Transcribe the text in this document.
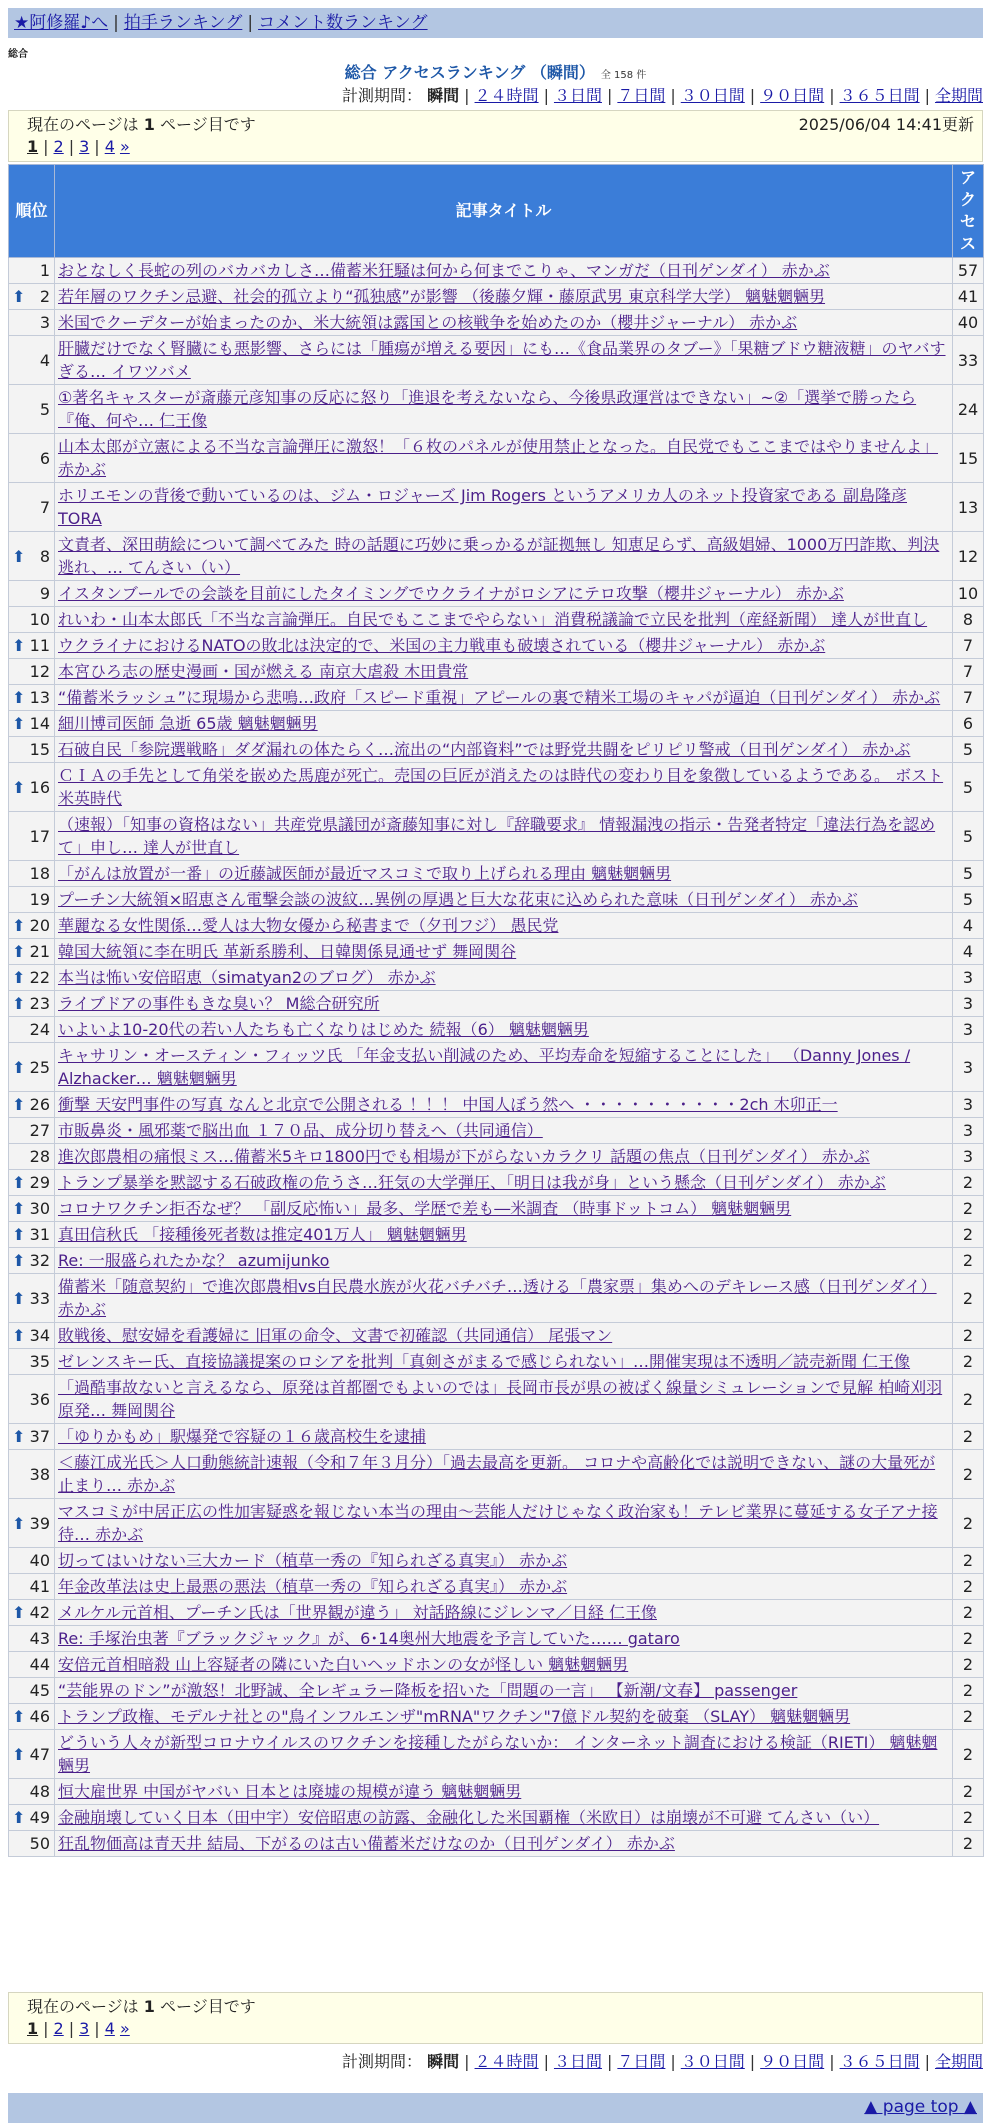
★阿修羅♪へ | 拍手ランキング | コメント数ランキング
総合
総合 アクセスランキング （瞬間） 全 158 件
計測期間： 瞬間 | ２４時間 | ３日間 | ７日間 | ３０日間 | ９０日間 | ３６５日間 | 全期間
現在のページは 1 ページ目です	2025/06/04 14:41更新
1 | 2 | 3 | 4 »
順位	記事タイトル	アクセス
1	おとなしく長蛇の列のバカバカしさ…備蓄米狂騒は何から何までこりゃ、マンガだ（日刊ゲンダイ） 赤かぶ	57

⬆ 2	若年層のワクチン忌避、社会的孤立より“孤独感”が影響 （後藤夕輝・藤原武男 東京科学大学） 魑魅魍魎男	41
3	米国でクーデターが始まったのか、米大統領は露国との核戦争を始めたのか（櫻井ジャーナル） 赤かぶ	40
4	肝臓だけでなく腎臓にも悪影響、さらには「腫瘍が増える要因」にも…《食品業界のタブー》「果糖ブドウ糖液糖」のヤバすぎる… イワツバメ	33
5	①著名キャスターが斎藤元彦知事の反応に怒り「進退を考えないなら、今後県政運営はできない」~②「選挙で勝ったら『俺、何や… 仁王像	24
6	山本太郎が立憲による不当な言論弾圧に激怒！「６枚のパネルが使用禁止となった。自民党でもここまではやりませんよ」 赤かぶ	15
7	ホリエモンの背後で動いているのは、ジム・ロジャーズ Jim Rogers というアメリカ人のネット投資家である 副島隆彦 TORA	13

⬆ 8	文責者、深田萌絵について調べてみた 時の話題に巧妙に乗っかるが証拠無し 知恵足らず、高級娼婦、1000万円詐欺、判決逃れ、… てんさい（い）	12
9	イスタンブールでの会談を目前にしたタイミングでウクライナがロシアにテロ攻撃（櫻井ジャーナル） 赤かぶ	10
10	れいわ・山本太郎氏「不当な言論弾圧。自民でもここまでやらない」消費税議論で立民を批判（産経新聞） 達人が世直し	8

⬆ 11	ウクライナにおけるNATOの敗北は決定的で、米国の主力戦車も破壊されている（櫻井ジャーナル） 赤かぶ	7
12	本宮ひろ志の歴史漫画・国が燃える 南京大虐殺 木田貴常	7

⬆ 13	“備蓄米ラッシュ”に現場から悲鳴…政府「スピード重視」アピールの裏で精米工場のキャパが逼迫（日刊ゲンダイ） 赤かぶ	7

⬆ 14	細川博司医師 急逝 65歳 魑魅魍魎男	6
15	石破自民「参院選戦略」ダダ漏れの体たらく…流出の“内部資料”では野党共闘をピリピリ警戒（日刊ゲンダイ） 赤かぶ	5

⬆ 16	ＣＩＡの手先として角栄を嵌めた馬鹿が死亡。売国の巨匠が消えたのは時代の変わり目を象徴しているようである。 ボスト米英時代	5
17	（速報）「知事の資格はない」共産党県議団が斎藤知事に対し『辞職要求』 情報漏洩の指示・告発者特定「違法行為を認めて」申し… 達人が世直し	5
18	「がんは放置が一番」の近藤誠医師が最近マスコミで取り上げられる理由 魑魅魍魎男	5
19	プーチン大統領×昭恵さん電撃会談の波紋…異例の厚遇と巨大な花束に込められた意味（日刊ゲンダイ） 赤かぶ	5

⬆ 20	華麗なる女性関係…愛人は大物女優から秘書まで（夕刊フジ） 愚民党	4

⬆ 21	韓国大統領に李在明氏 革新系勝利、日韓関係見通せず 舞岡関谷	4

⬆ 22	本当は怖い安倍昭恵（simatyan2のブログ） 赤かぶ	3

⬆ 23	ライブドアの事件もきな臭い？ M総合研究所	3
24	いよいよ10-20代の若い人たちも亡くなりはじめた 続報（6） 魑魅魍魎男	3

⬆ 25	キャサリン・オースティン・フィッツ氏 「年金支払い削減のため、平均寿命を短縮することにした」 （Danny Jones / Alzhacker… 魑魅魍魎男	3

⬆ 26	衝撃 天安門事件の写真 なんと北京で公開される ！！！ 中国人ぼう然へ ・・・・・・・・・・2ch 木卯正一	3
27	市販鼻炎・風邪薬で脳出血 １７０品、成分切り替えへ（共同通信）	3
28	進次郎農相の痛恨ミス…備蓄米5キロ1800円でも相場が下がらないカラクリ 話題の焦点（日刊ゲンダイ） 赤かぶ	3

⬆ 29	トランプ暴挙を黙認する石破政権の危うさ…狂気の大学弾圧、「明日は我が身」という懸念（日刊ゲンダイ） 赤かぶ	2

⬆ 30	コロナワクチン拒否なぜ？ 「副反応怖い」最多、学歴で差も―米調査 （時事ドットコム） 魑魅魍魎男	2

⬆ 31	真田信秋氏 「接種後死者数は推定401万人」 魑魅魍魎男	2

⬆ 32	Re: 一服盛られたかな？ azumijunko	2

⬆ 33	備蓄米「随意契約」で進次郎農相vs自民農水族が火花バチバチ…透ける「農家票」集めへのデキレース感（日刊ゲンダイ） 赤かぶ	2

⬆ 34	敗戦後、慰安婦を看護婦に 旧軍の命令、文書で初確認（共同通信） 尾張マン	2
35	ゼレンスキー氏、直接協議提案のロシアを批判「真剣さがまるで感じられない」…開催実現は不透明／読売新聞 仁王像	2
36	「過酷事故ないと言えるなら、原発は首都圏でもよいのでは」長岡市長が県の被ばく線量シミュレーションで見解 柏崎刈羽原発… 舞岡関谷	2

⬆ 37	「ゆりかもめ」駅爆発で容疑の１６歳高校生を逮捕	2
38	＜藤江成光氏＞人口動態統計速報（令和７年３月分）「過去最高を更新。 コロナや高齢化では説明できない、謎の大量死が止まり… 赤かぶ	2

⬆ 39	マスコミが中居正広の性加害疑惑を報じない本当の理由〜芸能人だけじゃなく政治家も！テレビ業界に蔓延する女子アナ接待… 赤かぶ	2
40	切ってはいけない三大カード（植草一秀の『知られざる真実』） 赤かぶ	2
41	年金改革法は史上最悪の悪法（植草一秀の『知られざる真実』） 赤かぶ	2

⬆ 42	メルケル元首相、プーチン氏は「世界観が違う」 対話路線にジレンマ／日経 仁王像	2
43	Re: 手塚治虫著『ブラックジャック』が、6･14奥州大地震を予言していた…… gataro	2
44	安倍元首相暗殺 山上容疑者の隣にいた白いヘッドホンの女が怪しい 魑魅魍魎男	2
45	“芸能界のドン”が激怒！北野誠、全レギュラー降板を招いた「問題の一言」 【新潮/文春】 passenger	2

⬆ 46	トランプ政権、モデルナ社との"鳥インフルエンザ"mRNA"ワクチン"7億ドル契約を破棄 （SLAY） 魑魅魍魎男	2

⬆ 47	どういう人々が新型コロナウイルスのワクチンを接種したがらないか： インターネット調査における検証（RIETI） 魑魅魍魎男	2
48	恒大雇世界 中国がヤバい 日本とは廃墟の規模が違う 魑魅魍魎男	2

⬆ 49	金融崩壊していく日本（田中宇）安倍昭恵の訪露、金融化した米国覇権（米欧日）は崩壊が不可避 てんさい（い）	2
50	狂乱物価高は青天井 結局、下がるのは古い備蓄米だけなのか（日刊ゲンダイ） 赤かぶ	2
現在のページは 1 ページ目です
1 | 2 | 3 | 4 »
計測期間： 瞬間 | ２４時間 | ３日間 | ７日間 | ３０日間 | ９０日間 | ３６５日間 | 全期間
▲ page top ▲
